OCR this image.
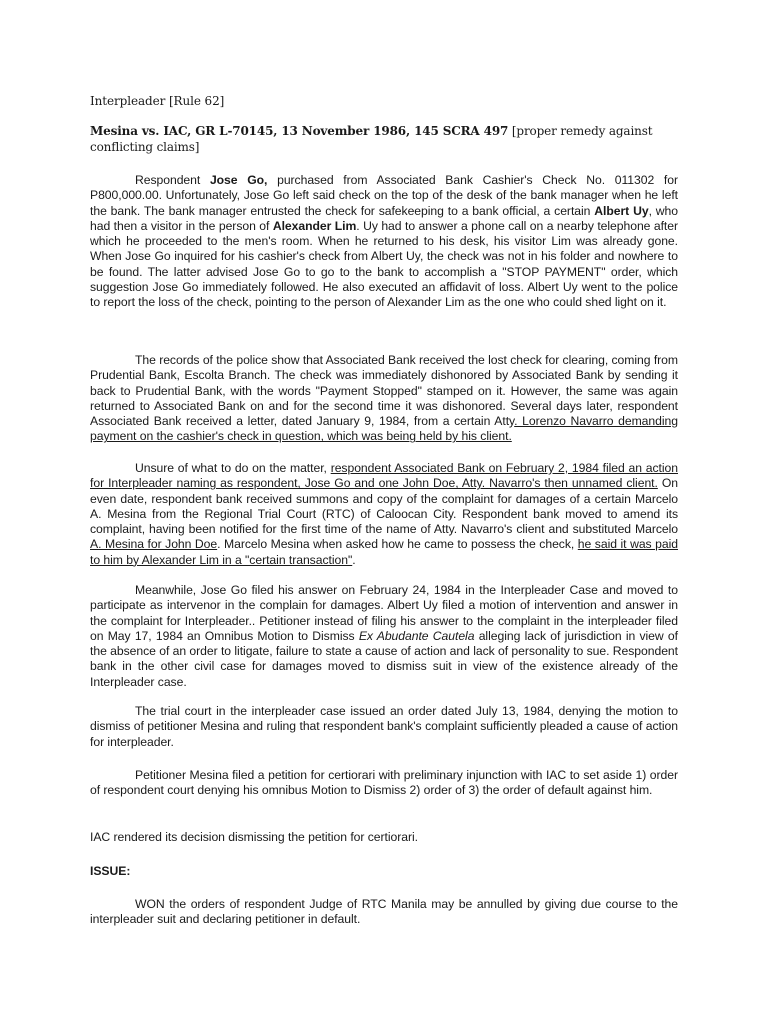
Interpleader [Rule 62]
Mesina vs. IAC, GR L-70145, 13 November 1986, 145 SCRA 497 [proper remedy against conflicting claims]

Respondent Jose Go, purchased from Associated Bank Cashier's Check No. 011302 for P800,000.00. Unfortunately, Jose Go left said check on the top of the desk of the bank manager when he left the bank. The bank manager entrusted the check for safekeeping to a bank official, a certain Albert Uy, who had then a visitor in the person of Alexander Lim. Uy had to answer a phone call on a nearby telephone after which he proceeded to the men's room. When he returned to his desk, his visitor Lim was already gone. When Jose Go inquired for his cashier's check from Albert Uy, the check was not in his folder and nowhere to be found. The latter advised Jose Go to go to the bank to accomplish a "STOP PAYMENT" order, which suggestion Jose Go immediately followed. He also executed an affidavit of loss. Albert Uy went to the police to report the loss of the check, pointing to the person of Alexander Lim as the one who could shed light on it.

The records of the police show that Associated Bank received the lost check for clearing, coming from Prudential Bank, Escolta Branch. The check was immediately dishonored by Associated Bank by sending it back to Prudential Bank, with the words "Payment Stopped" stamped on it. However, the same was again returned to Associated Bank on and for the second time it was dishonored. Several days later, respondent Associated Bank received a letter, dated January 9, 1984, from a certain Atty. Lorenzo Navarro demanding payment on the cashier's check in question, which was being held by his client.

Unsure of what to do on the matter, respondent Associated Bank on February 2, 1984 filed an action for Interpleader naming as respondent, Jose Go and one John Doe, Atty. Navarro's then unnamed client. On even date, respondent bank received summons and copy of the complaint for damages of a certain Marcelo A. Mesina from the Regional Trial Court (RTC) of Caloocan City. Respondent bank moved to amend its complaint, having been notified for the first time of the name of Atty. Navarro's client and substituted Marcelo A. Mesina for John Doe. Marcelo Mesina when asked how he came to possess the check, he said it was paid to him by Alexander Lim in a "certain transaction".

Meanwhile, Jose Go filed his answer on February 24, 1984 in the Interpleader Case and moved to participate as intervenor in the complain for damages. Albert Uy filed a motion of intervention and answer in the complaint for Interpleader.. Petitioner instead of filing his answer to the complaint in the interpleader filed on May 17, 1984 an Omnibus Motion to Dismiss Ex Abudante Cautela alleging lack of jurisdiction in view of the absence of an order to litigate, failure to state a cause of action and lack of personality to sue. Respondent bank in the other civil case for damages moved to dismiss suit in view of the existence already of the Interpleader case.

The trial court in the interpleader case issued an order dated July 13, 1984, denying the motion to dismiss of petitioner Mesina and ruling that respondent bank's complaint sufficiently pleaded a cause of action for interpleader.

Petitioner Mesina filed a petition for certiorari with preliminary injunction with IAC to set aside 1) order of respondent court denying his omnibus Motion to Dismiss 2) order of 3) the order of default against him.

IAC rendered its decision dismissing the petition for certiorari.

ISSUE:

WON the orders of respondent Judge of RTC Manila may be annulled by giving due course to the interpleader suit and declaring petitioner in default.
